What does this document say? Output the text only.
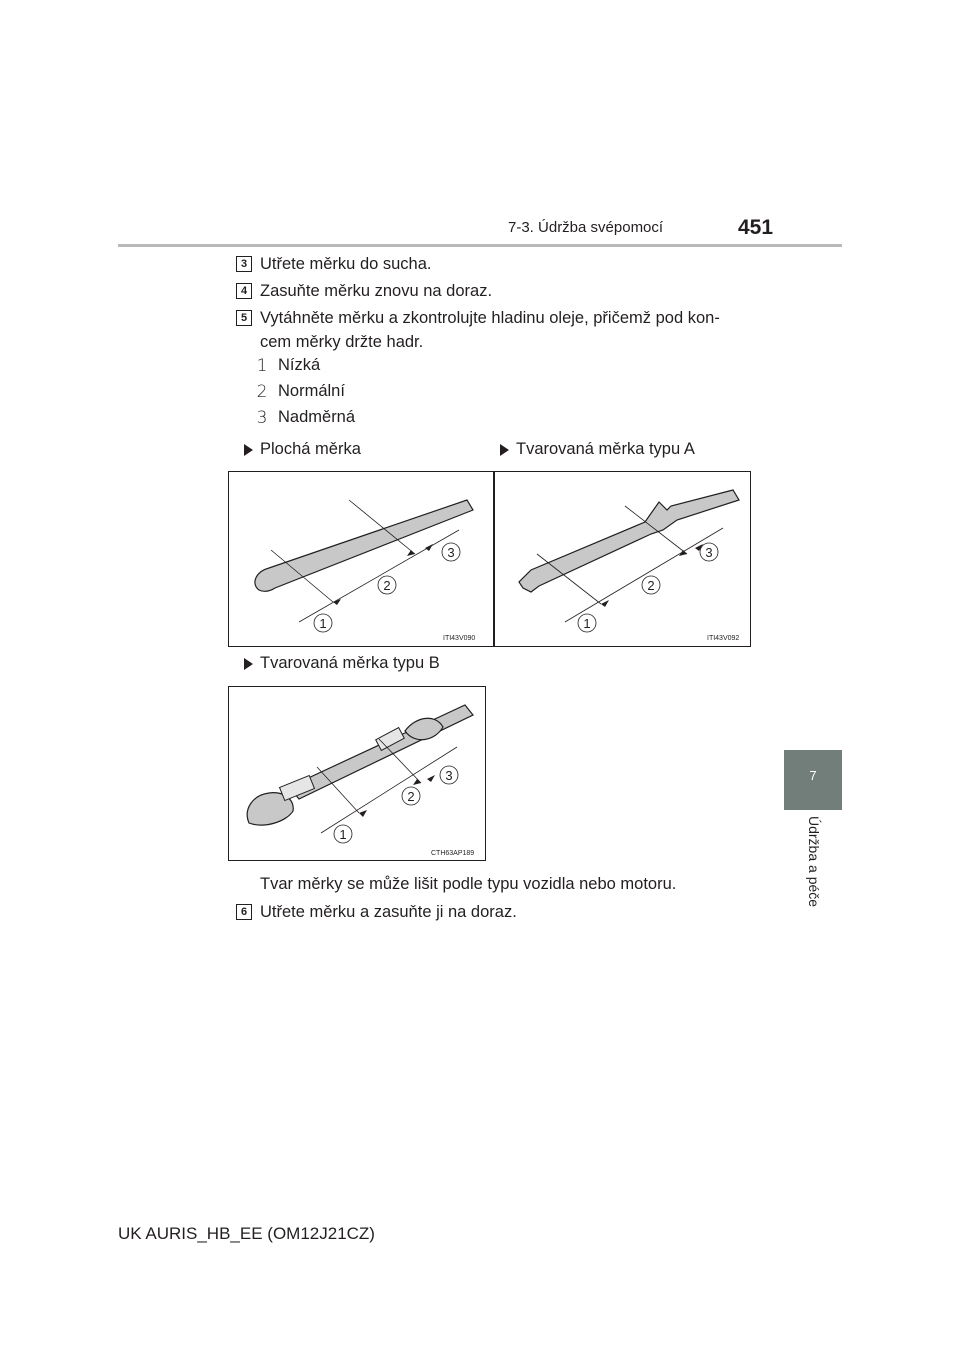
7-3. Údržba svépomocí	451
7
Údržba a péče
3 Utřete měrku do sucha.
4 Zasuňte měrku znovu na doraz.
5 Vytáhněte měrku a zkontrolujte hladinu oleje, přičemž pod kon-
cem měrky držte hadr.
1 Nízká
2 Normální
3 Nadměrná
Plochá měrka	Tvarovaná měrka typu A
Tvarovaná měrka typu B
3
2
1
ITI43V090
3
2
1
ITI43V092
3
2
1
CTH63AP189
Tvar měrky se může lišit podle typu vozidla nebo motoru.
6 Utřete měrku a zasuňte ji na doraz.
UK AURIS_HB_EE (OM12J21CZ)
